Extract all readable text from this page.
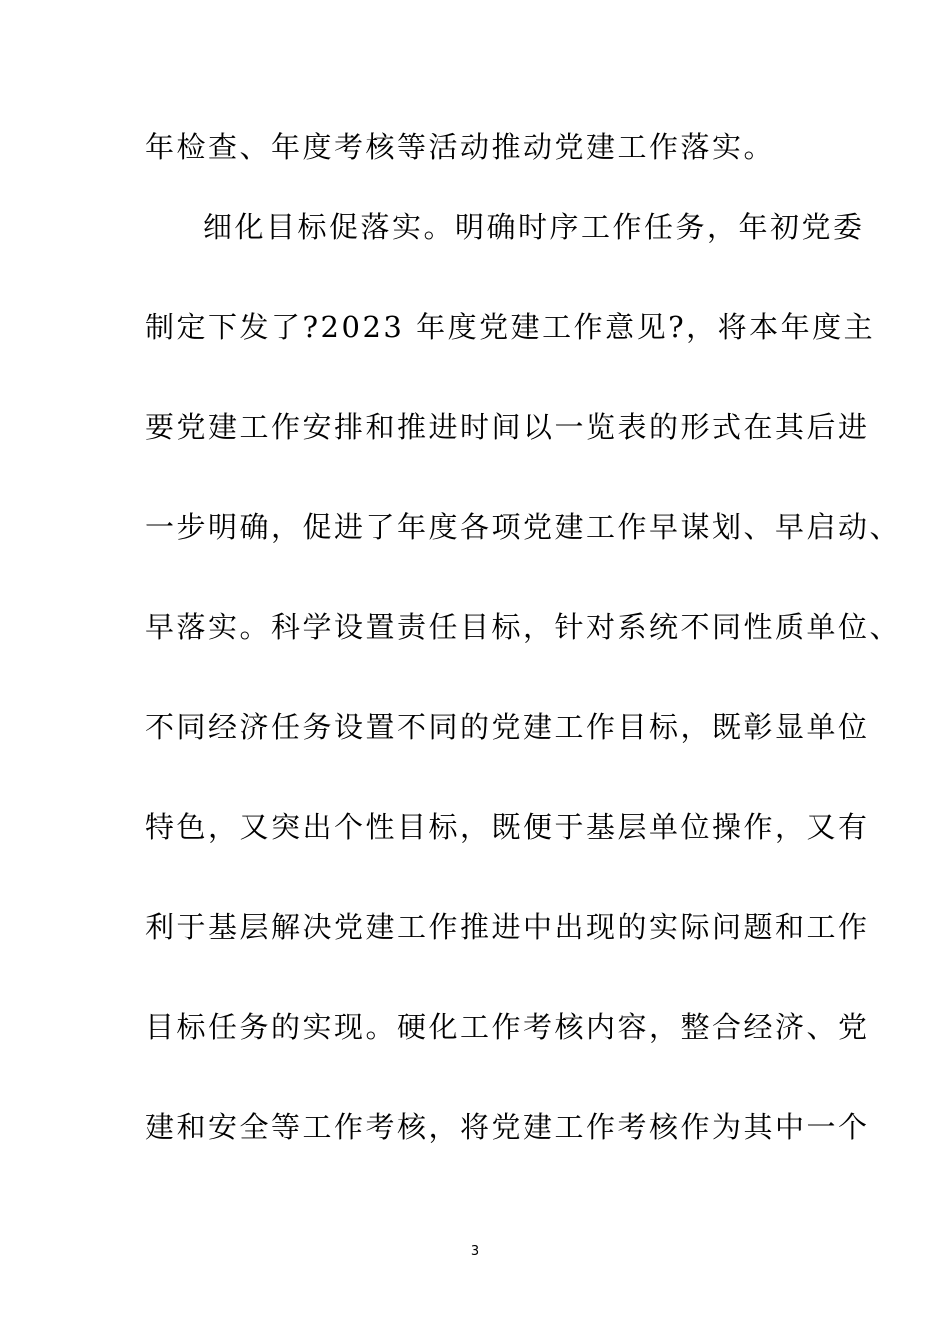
年检查、年度考核等活动推动党建工作落实。
细化目标促落实。明确时序工作任务，年初党委
制定下发了?2023 年度党建工作意见?，将本年度主
要党建工作安排和推进时间以一览表的形式在其后进
一步明确，促进了年度各项党建工作早谋划、早启动、
早落实。科学设置责任目标，针对系统不同性质单位、
不同经济任务设置不同的党建工作目标，既彰显单位
特色，又突出个性目标，既便于基层单位操作，又有
利于基层解决党建工作推进中出现的实际问题和工作
目标任务的实现。硬化工作考核内容，整合经济、党
建和安全等工作考核，将党建工作考核作为其中一个
3
